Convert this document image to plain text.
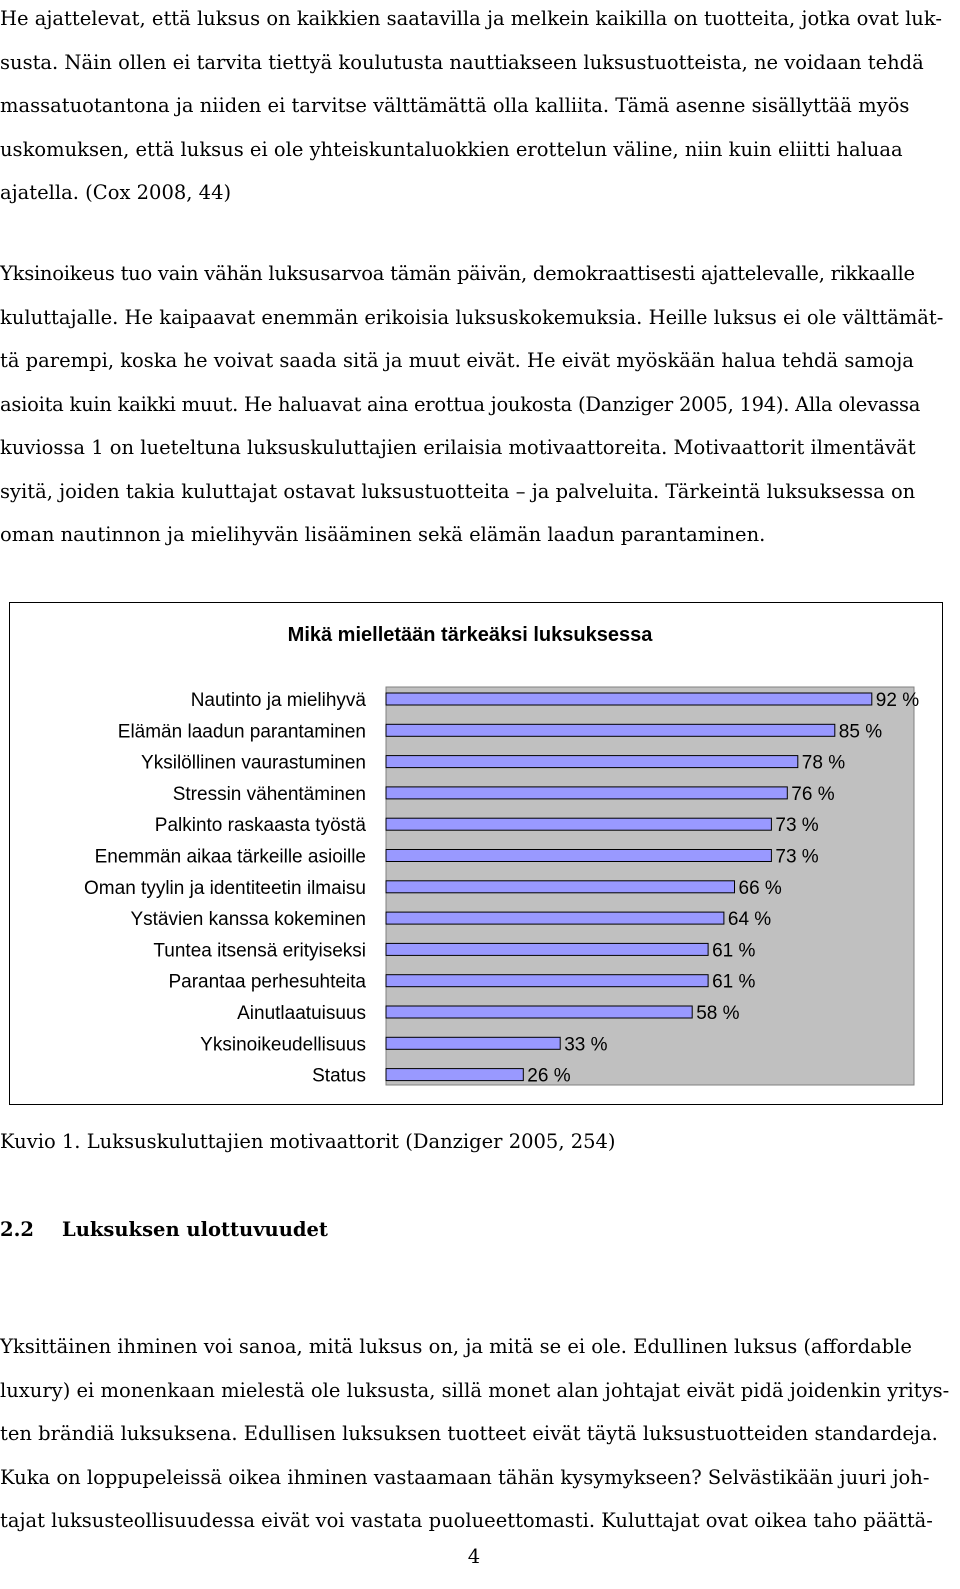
He ajattelevat, että luksus on kaikkien saatavilla ja melkein kaikilla on tuotteita, jotka ovat luk-
susta. Näin ollen ei tarvita tiettyä koulutusta nauttiakseen luksustuotteista, ne voidaan tehdä
massatuotantona ja niiden ei tarvitse välttämättä olla kalliita. Tämä asenne sisällyttää myös
uskomuksen, että luksus ei ole yhteiskuntaluokkien erottelun väline, niin kuin eliitti haluaa
ajatella. (Cox 2008, 44)
Yksinoikeus tuo vain vähän luksusarvoa tämän päivän, demokraattisesti ajattelevalle, rikkaalle
kuluttajalle. He kaipaavat enemmän erikoisia luksuskokemuksia. Heille luksus ei ole välttämät-
tä parempi, koska he voivat saada sitä ja muut eivät. He eivät myöskään halua tehdä samoja
asioita kuin kaikki muut. He haluavat aina erottua joukosta (Danziger 2005, 194). Alla olevassa
kuviossa 1 on lueteltuna luksuskuluttajien erilaisia motivaattoreita. Motivaattorit ilmentävät
syitä, joiden takia kuluttajat ostavat luksustuotteita – ja palveluita. Tärkeintä luksuksessa on
oman nautinnon ja mielihyvän lisääminen sekä elämän laadun parantaminen.
Mikä mielletään tärkeäksi luksuksessa
Nautinto ja mielihyvä
Elämän laadun parantaminen
Yksilöllinen vaurastuminen
Stressin vähentäminen
Palkinto raskaasta työstä
Enemmän aikaa tärkeille asioille
Oman tyylin ja identiteetin ilmaisu
Ystävien kanssa kokeminen
Tuntea itsensä erityiseksi
Parantaa perhesuhteita
Ainutlaatuisuus
Yksinoikeudellisuus
Status
92 %
85 %
78 %
76 %
73 %
73 %
66 %
64 %
61 %
61 %
58 %
33 %
26 %
Kuvio 1. Luksuskuluttajien motivaattorit (Danziger 2005, 254)
2.2 Luksuksen ulottuvuudet
Yksittäinen ihminen voi sanoa, mitä luksus on, ja mitä se ei ole. Edullinen luksus (affordable
luxury) ei monenkaan mielestä ole luksusta, sillä monet alan johtajat eivät pidä joidenkin yritys-
ten brändiä luksuksena. Edullisen luksuksen tuotteet eivät täytä luksustuotteiden standardeja.
Kuka on loppupeleissä oikea ihminen vastaamaan tähän kysymykseen? Selvästikään juuri joh-
tajat luksusteollisuudessa eivät voi vastata puolueettomasti. Kuluttajat ovat oikea taho päättä-
4
